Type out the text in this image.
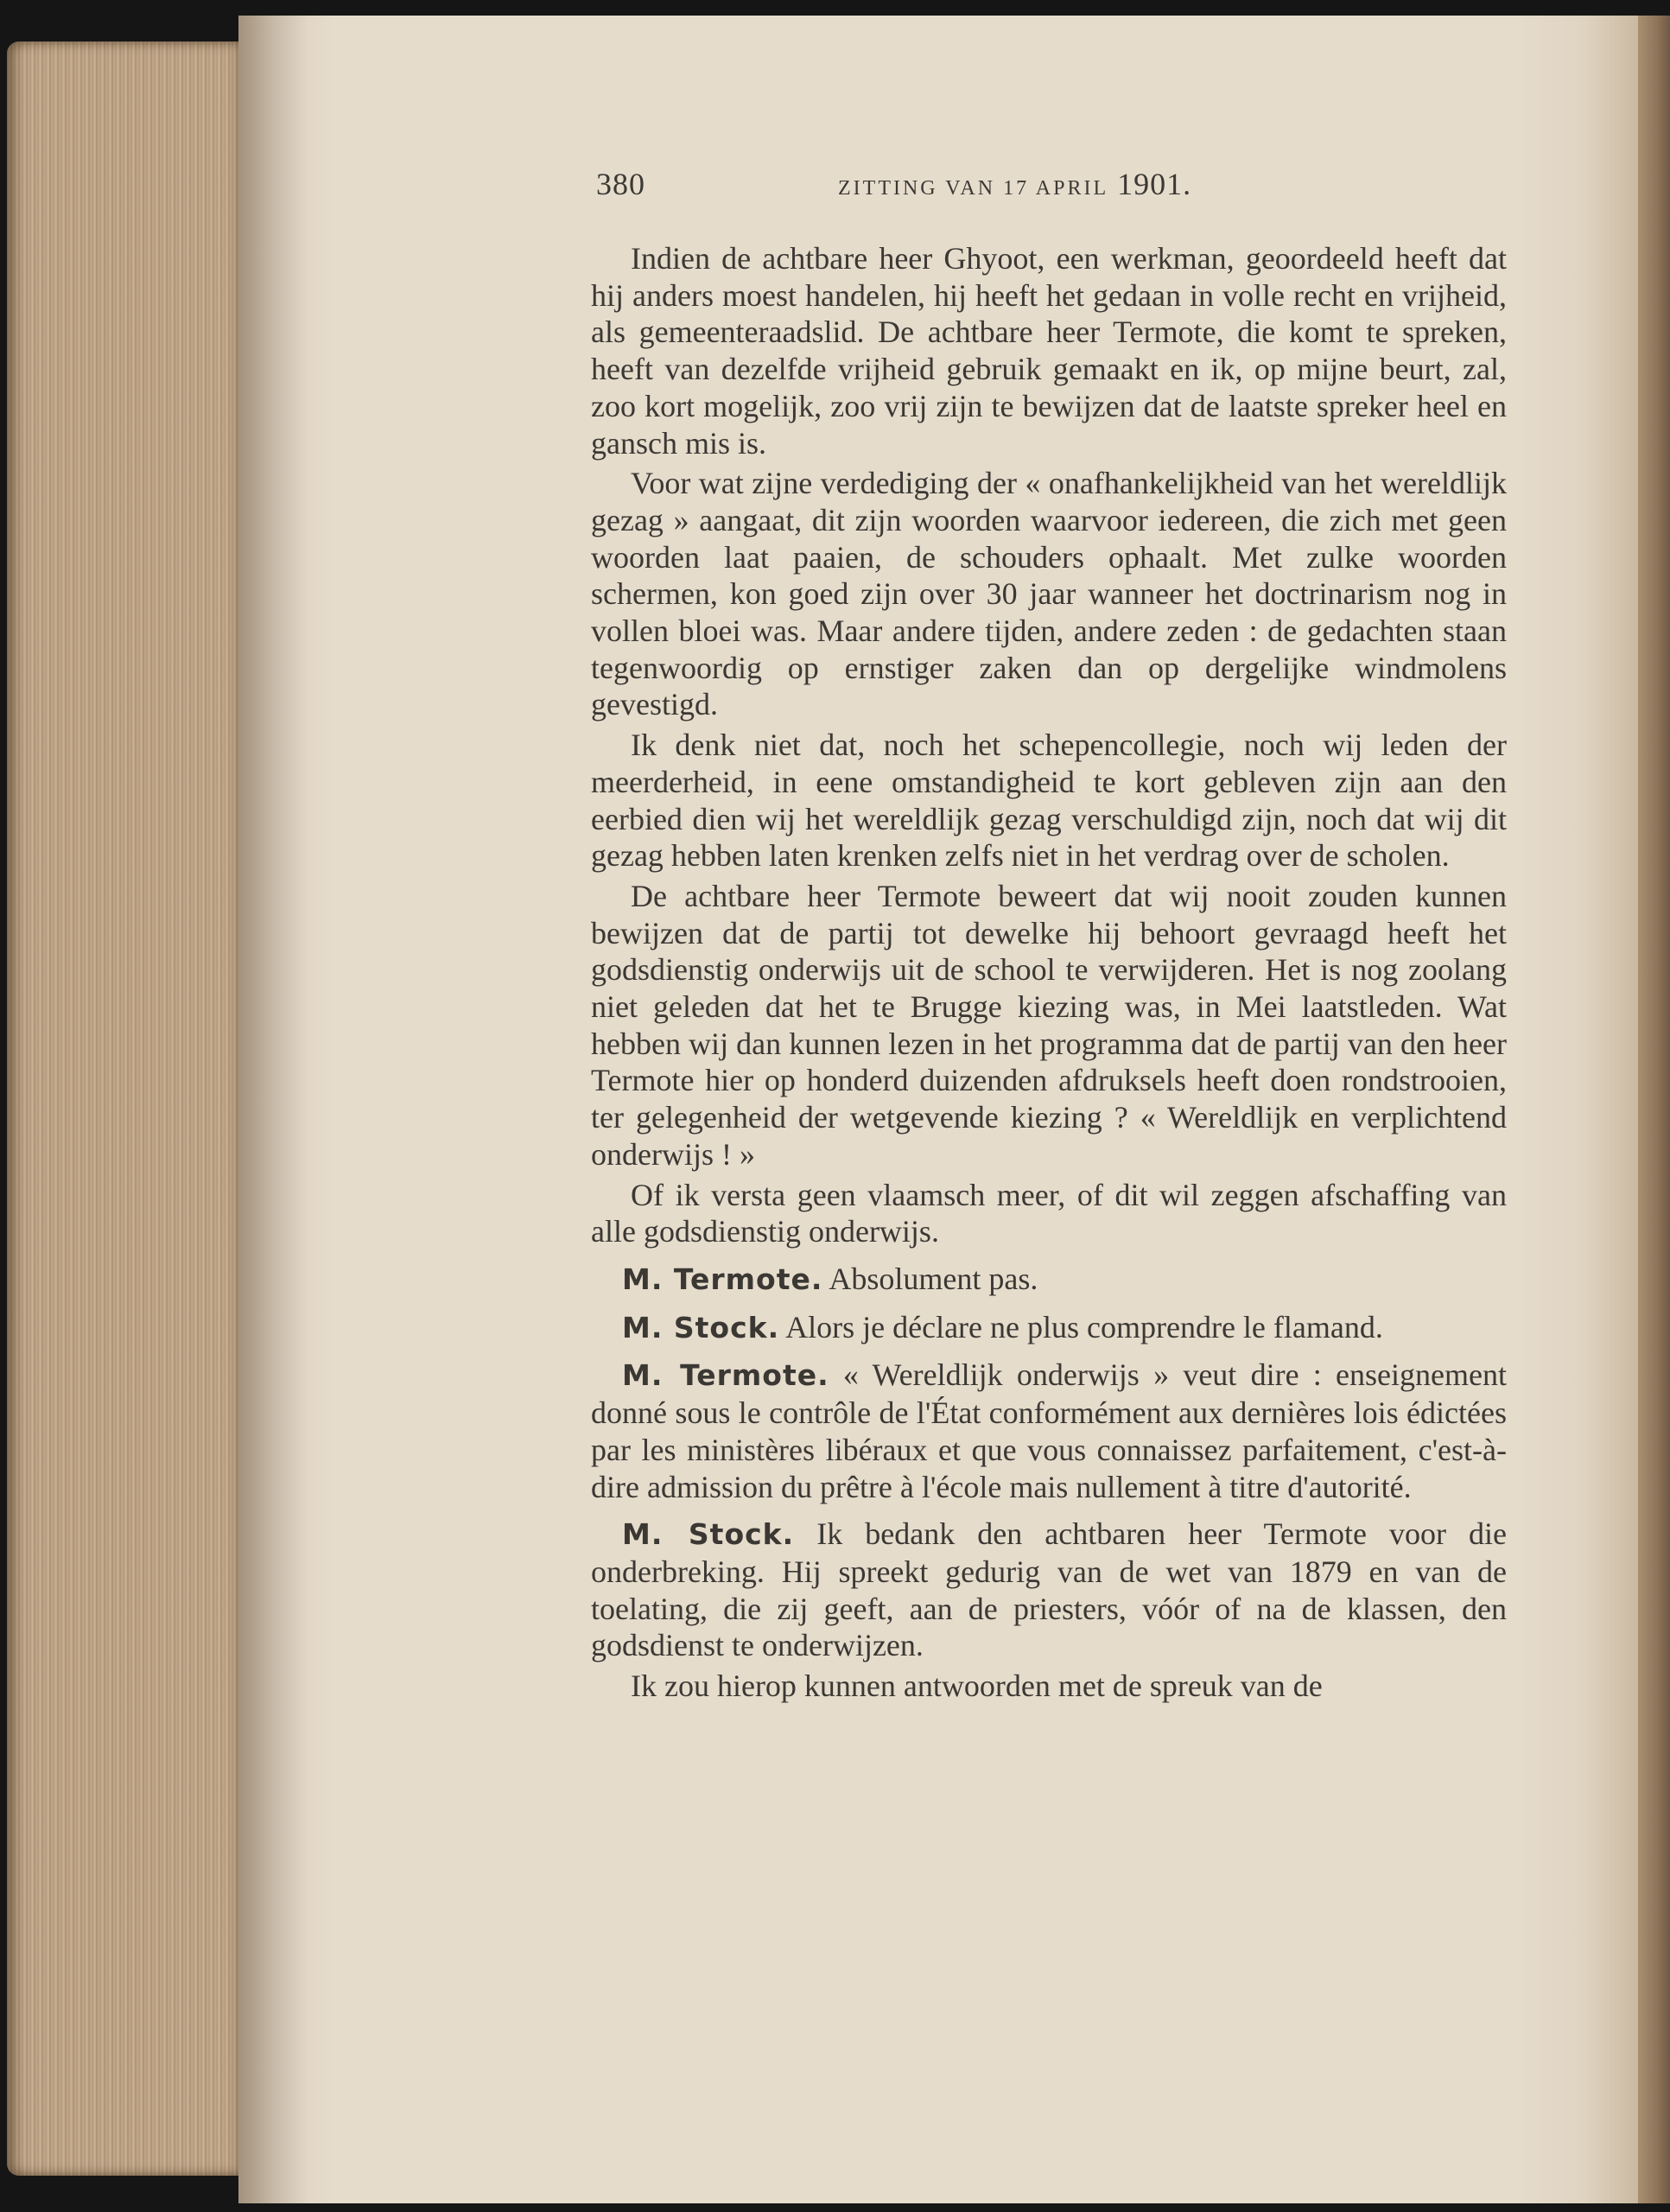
380	ZITTING VAN 17 APRIL 1901.

Indien de achtbare heer Ghyoot, een werkman, geoordeeld heeft dat hij anders moest handelen, hij heeft het gedaan in volle recht en vrijheid, als gemeenteraadslid. De achtbare heer Termote, die komt te spreken, heeft van dezelfde vrijheid gebruik gemaakt en ik, op mijne beurt, zal, zoo kort mogelijk, zoo vrij zijn te bewijzen dat de laatste spreker heel en gansch mis is.

Voor wat zijne verdediging der « onafhankelijkheid van het wereldlijk gezag » aangaat, dit zijn woorden waarvoor iedereen, die zich met geen woorden laat paaien, de schouders ophaalt. Met zulke woorden schermen, kon goed zijn over 30 jaar wanneer het doctrinarism nog in vollen bloei was. Maar andere tijden, andere zeden : de gedachten staan tegenwoordig op ernstiger zaken dan op dergelijke windmolens gevestigd.

Ik denk niet dat, noch het schepencollegie, noch wij leden der meerderheid, in eene omstandigheid te kort gebleven zijn aan den eerbied dien wij het wereldlijk gezag verschuldigd zijn, noch dat wij dit gezag hebben laten krenken zelfs niet in het verdrag over de scholen.

De achtbare heer Termote beweert dat wij nooit zouden kunnen bewijzen dat de partij tot dewelke hij behoort gevraagd heeft het godsdienstig onderwijs uit de school te verwijderen. Het is nog zoolang niet geleden dat het te Brugge kiezing was, in Mei laatstleden. Wat hebben wij dan kunnen lezen in het programma dat de partij van den heer Termote hier op honderd duizenden afdruksels heeft doen rondstrooien, ter gelegenheid der wetgevende kiezing ? « Wereldlijk en verplichtend onderwijs ! »

Of ik versta geen vlaamsch meer, of dit wil zeggen afschaffing van alle godsdienstig onderwijs.

M. Termote. Absolument pas.

M. Stock. Alors je déclare ne plus comprendre le flamand.

M. Termote. « Wereldlijk onderwijs » veut dire : enseignement donné sous le contrôle de l'État conformément aux dernières lois édictées par les ministères libéraux et que vous connaissez parfaitement, c'est-à-dire admission du prêtre à l'école mais nullement à titre d'autorité.

M. Stock. Ik bedank den achtbaren heer Termote voor die onderbreking. Hij spreekt gedurig van de wet van 1879 en van de toelating, die zij geeft, aan de priesters, vóór of na de klassen, den godsdienst te onderwijzen.

Ik zou hierop kunnen antwoorden met de spreuk van de
